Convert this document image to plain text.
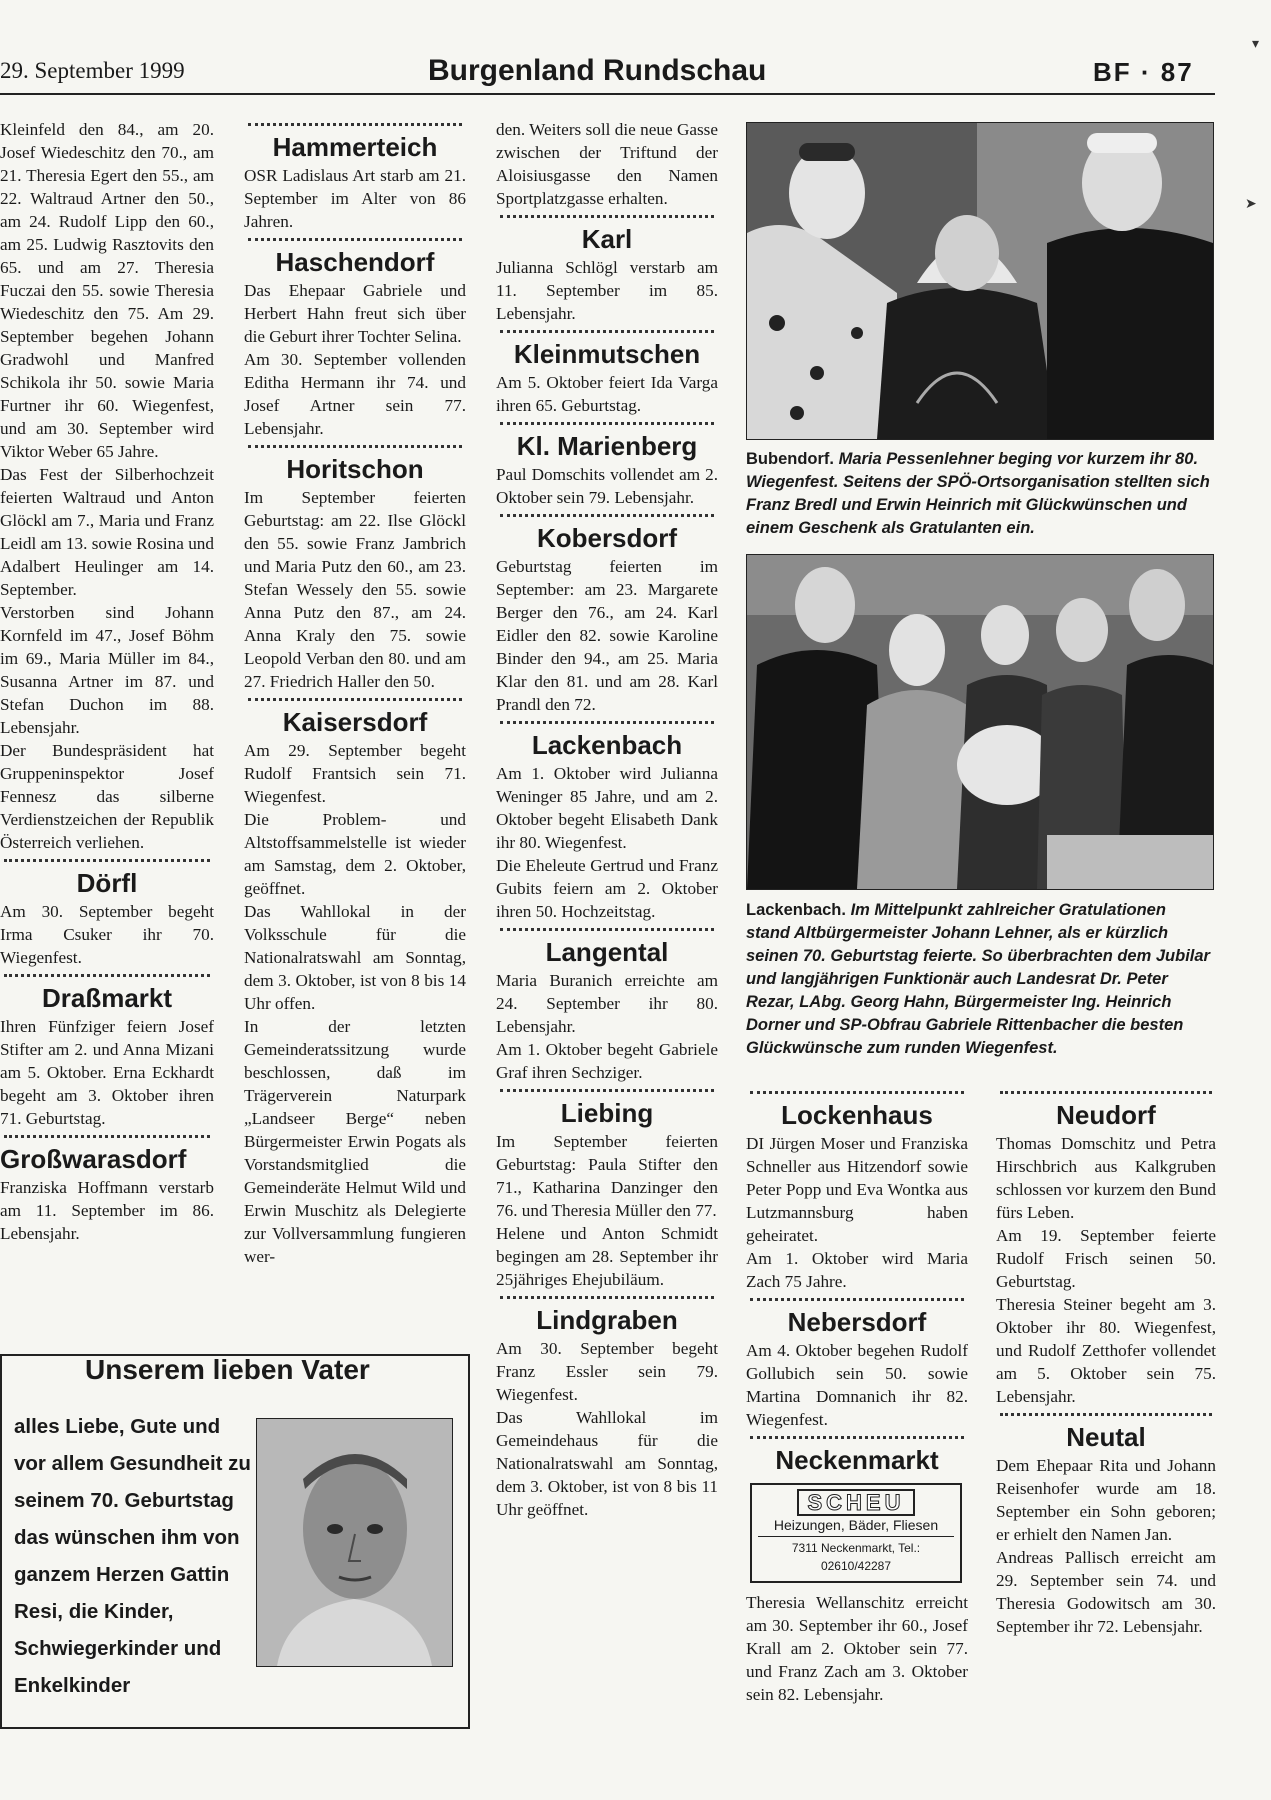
29. September 1999	Burgenland Rundschau	BF · 87

Kleinfeld den 84., am 20. Josef Wiedeschitz den 70., am 21. Theresia Egert den 55., am 22. Waltraud Artner den 50., am 24. Rudolf Lipp den 60., am 25. Ludwig Rasztovits den 65. und am 27. Theresia Fuczai den 55. sowie Theresia Wiedeschitz den 75. Am 29. September begehen Johann Gradwohl und Manfred Schikola ihr 50. sowie Maria Furtner ihr 60. Wiegenfest, und am 30. September wird Viktor Weber 65 Jahre.

Das Fest der Silberhochzeit feierten Waltraud und Anton Glöckl am 7., Maria und Franz Leidl am 13. sowie Rosina und Adalbert Heulinger am 14. September.

Verstorben sind Johann Kornfeld im 47., Josef Böhm im 69., Maria Müller im 84., Susanna Artner im 87. und Stefan Duchon im 88. Lebensjahr.

Der Bundespräsident hat Gruppeninspektor Josef Fennesz das silberne Verdienstzeichen der Republik Österreich verliehen.

Dörfl

Am 30. September begeht Irma Csuker ihr 70. Wiegenfest.

Draßmarkt

Ihren Fünfziger feiern Josef Stifter am 2. und Anna Mizani am 5. Oktober. Erna Eckhardt begeht am 3. Oktober ihren 71. Geburtstag.

Großwarasdorf

Franziska Hoffmann verstarb am 11. September im 86. Lebensjahr.

Hammerteich

OSR Ladislaus Art starb am 21. September im Alter von 86 Jahren.

Haschendorf

Das Ehepaar Gabriele und Herbert Hahn freut sich über die Geburt ihrer Tochter Selina.

Am 30. September vollenden Editha Hermann ihr 74. und Josef Artner sein 77. Lebensjahr.

Horitschon

Im September feierten Geburtstag: am 22. Ilse Glöckl den 55. sowie Franz Jambrich und Maria Putz den 60., am 23. Stefan Wessely den 55. sowie Anna Putz den 87., am 24. Anna Kraly den 75. sowie Leopold Verban den 80. und am 27. Friedrich Haller den 50.

Kaisersdorf

Am 29. September begeht Rudolf Frantsich sein 71. Wiegenfest.

Die Problem- und Altstoffsammelstelle ist wieder am Samstag, dem 2. Oktober, geöffnet.

Das Wahllokal in der Volksschule für die Nationalratswahl am Sonntag, dem 3. Oktober, ist von 8 bis 14 Uhr offen.

In der letzten Gemeinderatssitzung wurde beschlossen, daß im Trägerverein Naturpark „Landseer Berge“ neben Bürgermeister Erwin Pogats als Vorstandsmitglied die Gemeinderäte Helmut Wild und Erwin Muschitz als Delegierte zur Vollversammlung fungieren wer-

den. Weiters soll die neue Gasse zwischen der Triftund der Aloisiusgasse den Namen Sportplatzgasse erhalten.

Karl

Julianna Schlögl verstarb am 11. September im 85. Lebensjahr.

Kleinmutschen

Am 5. Oktober feiert Ida Varga ihren 65. Geburtstag.

Kl. Marienberg

Paul Domschits vollendet am 2. Oktober sein 79. Lebensjahr.

Kobersdorf

Geburtstag feierten im September: am 23. Margarete Berger den 76., am 24. Karl Eidler den 82. sowie Karoline Binder den 94., am 25. Maria Klar den 81. und am 28. Karl Prandl den 72.

Lackenbach

Am 1. Oktober wird Julianna Weninger 85 Jahre, und am 2. Oktober begeht Elisabeth Dank ihr 80. Wiegenfest.

Die Eheleute Gertrud und Franz Gubits feiern am 2. Oktober ihren 50. Hochzeitstag.

Langental

Maria Buranich erreichte am 24. September ihr 80. Lebensjahr.

Am 1. Oktober begeht Gabriele Graf ihren Sechziger.

Liebing

Im September feierten Geburtstag: Paula Stifter den 71., Katharina Danzinger den 76. und Theresia Müller den 77.

Helene und Anton Schmidt begingen am 28. September ihr 25jähriges Ehejubiläum.

Lindgraben

Am 30. September begeht Franz Essler sein 79. Wiegenfest.

Das Wahllokal im Gemeindehaus für die Nationalratswahl am Sonntag, dem 3. Oktober, ist von 8 bis 11 Uhr geöffnet.

Bubendorf. Maria Pessenlehner beging vor kurzem ihr 80. Wiegenfest. Seitens der SPÖ-Ortsorganisation stellten sich Franz Bredl und Erwin Heinrich mit Glückwünschen und einem Geschenk als Gratulanten ein.
Lackenbach. Im Mittelpunkt zahlreicher Gratulationen stand Altbürgermeister Johann Lehner, als er kürzlich seinen 70. Geburtstag feierte. So überbrachten dem Jubilar und langjährigen Funktionär auch Landesrat Dr. Peter Rezar, LAbg. Georg Hahn, Bürgermeister Ing. Heinrich Dorner und SP-Obfrau Gabriele Rittenbacher die besten Glückwünsche zum runden Wiegenfest.
Lockenhaus

DI Jürgen Moser und Franziska Schneller aus Hitzendorf sowie Peter Popp und Eva Wontka aus Lutzmannsburg haben geheiratet.

Am 1. Oktober wird Maria Zach 75 Jahre.

Nebersdorf

Am 4. Oktober begehen Rudolf Gollubich sein 50. sowie Martina Domnanich ihr 82. Wiegenfest.

Neckenmarkt
SCHEU
Heizungen, Bäder, Fliesen
7311 Neckenmarkt, Tel.: 02610/42287

Theresia Wellanschitz erreicht am 30. September ihr 60., Josef Krall am 2. Oktober sein 77. und Franz Zach am 3. Oktober sein 82. Lebensjahr.

Neudorf

Thomas Domschitz und Petra Hirschbrich aus Kalkgruben schlossen vor kurzem den Bund fürs Leben.

Am 19. September feierte Rudolf Frisch seinen 50. Geburtstag.

Theresia Steiner begeht am 3. Oktober ihr 80. Wiegenfest, und Rudolf Zetthofer vollendet am 5. Oktober sein 75. Lebensjahr.

Neutal

Dem Ehepaar Rita und Johann Reisenhofer wurde am 18. September ein Sohn geboren; er erhielt den Namen Jan.

Andreas Pallisch erreicht am 29. September sein 74. und Theresia Godowitsch am 30. September ihr 72. Lebensjahr.

Unserem lieben Vater
alles Liebe, Gute und vor allem Gesundheit zu seinem 70. Geburtstag das wünschen ihm von ganzem Herzen Gattin Resi, die Kinder, Schwiegerkinder und Enkelkinder
▾
➤
